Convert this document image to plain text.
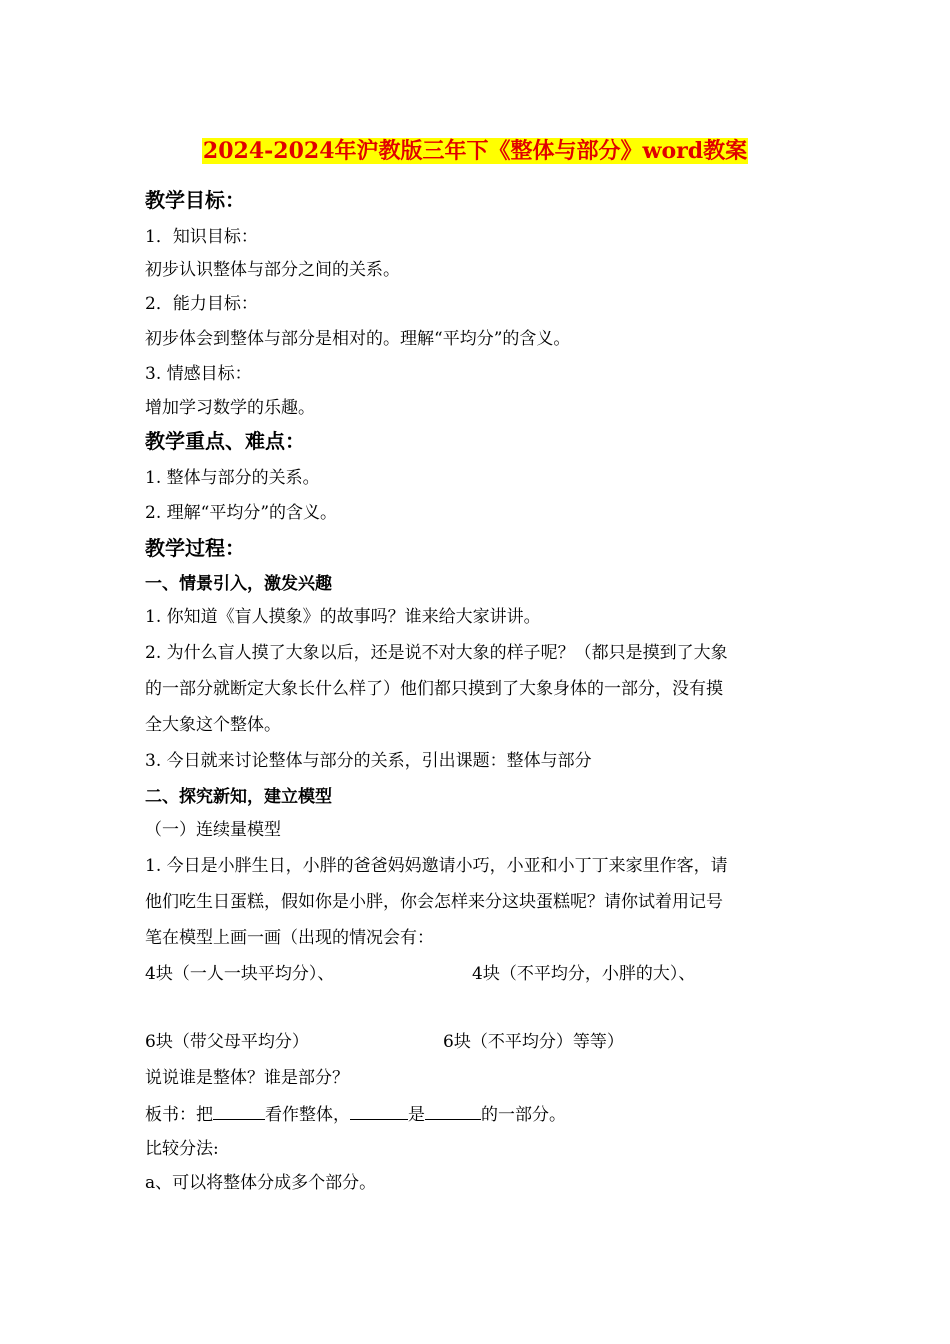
2024-2024年沪教版三年下《整体与部分》word教案
教学目标：
1．知识目标：
初步认识整体与部分之间的关系。
2．能力目标：
初步体会到整体与部分是相对的。理解“平均分”的含义。
3. 情感目标：
增加学习数学的乐趣。
教学重点、难点：
1. 整体与部分的关系。
2. 理解“平均分”的含义。
教学过程：
一、情景引入，激发兴趣
1. 你知道《盲人摸象》的故事吗？谁来给大家讲讲。
2. 为什么盲人摸了大象以后，还是说不对大象的样子呢？（都只是摸到了大象
的一部分就断定大象长什么样了）他们都只摸到了大象身体的一部分，没有摸
全大象这个整体。
3. 今日就来讨论整体与部分的关系，引出课题：整体与部分
二、探究新知，建立模型
（一）连续量模型
1. 今日是小胖生日，小胖的爸爸妈妈邀请小巧，小亚和小丁丁来家里作客，请
他们吃生日蛋糕，假如你是小胖，你会怎样来分这块蛋糕呢？请你试着用记号
笔在模型上画一画（出现的情况会有：
4块（一人一块平均分）、	4块（不平均分，小胖的大）、
6块（带父母平均分）	6块（不平均分）等等）
说说谁是整体？谁是部分？
板书：把	看作整体，	是	的一部分。
比较分法:
a、可以将整体分成多个部分。
